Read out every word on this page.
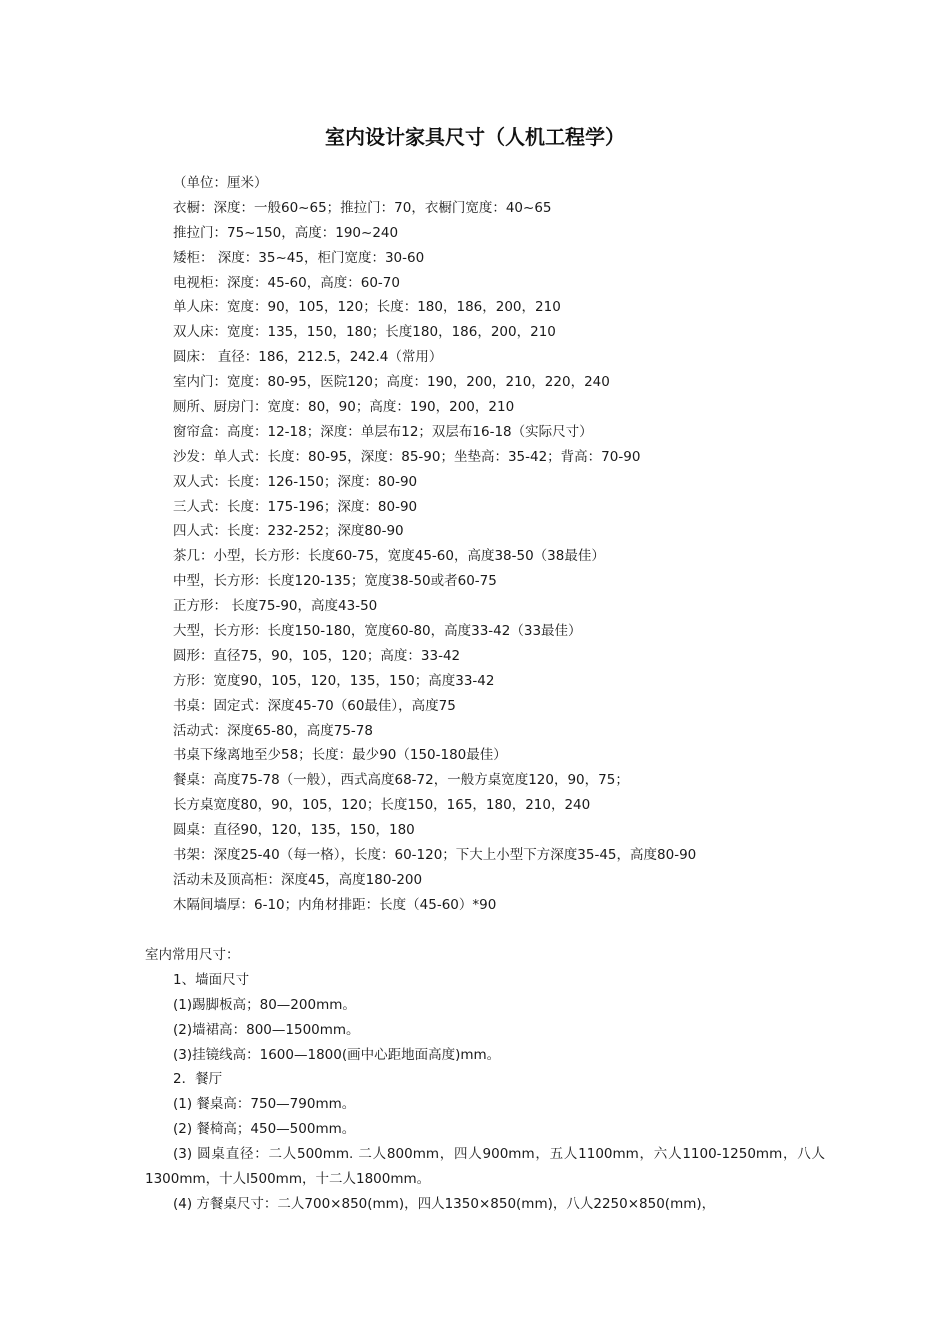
室内设计家具尺寸（人机工程学）
（单位：厘米）
衣橱：深度：一般60~65；推拉门：70，衣橱门宽度：40~65
推拉门：75~150，高度：190~240
矮柜： 深度：35~45，柜门宽度：30-60
电视柜：深度：45-60，高度：60-70
单人床：宽度：90，105，120；长度：180，186，200，210
双人床：宽度：135，150，180；长度180，186，200，210
圆床： 直径：186，212.5，242.4（常用）
室内门：宽度：80-95，医院120；高度：190，200，210，220，240
厕所、厨房门：宽度：80，90；高度：190，200，210
窗帘盒：高度：12-18；深度：单层布12；双层布16-18（实际尺寸）
沙发：单人式：长度：80-95，深度：85-90；坐垫高：35-42；背高：70-90
双人式：长度：126-150；深度：80-90
三人式：长度：175-196；深度：80-90
四人式：长度：232-252；深度80-90
茶几：小型，长方形：长度60-75，宽度45-60，高度38-50（38最佳）
中型，长方形：长度120-135；宽度38-50或者60-75
正方形： 长度75-90，高度43-50
大型，长方形：长度150-180，宽度60-80，高度33-42（33最佳）
圆形：直径75，90，105，120；高度：33-42
方形：宽度90，105，120，135，150；高度33-42
书桌：固定式：深度45-70（60最佳），高度75
活动式：深度65-80，高度75-78
书桌下缘离地至少58；长度：最少90（150-180最佳）
餐桌：高度75-78（一般），西式高度68-72，一般方桌宽度120，90，75；
长方桌宽度80，90，105，120；长度150，165，180，210，240
圆桌：直径90，120，135，150，180
书架：深度25-40（每一格），长度：60-120；下大上小型下方深度35-45，高度80-90
活动未及顶高柜：深度45，高度180-200
木隔间墙厚：6-10；内角材排距：长度（45-60）*90
室内常用尺寸：
1、墙面尺寸
(1)踢脚板高；80—200mm。
(2)墙裙高：800—1500mm。
(3)挂镜线高：1600—1800(画中心距地面高度)mm。
2．餐厅
(1) 餐桌高：750—790mm。
(2) 餐椅高；450—500mm。
(3) 圆桌直径：二人500mm. 二人800mm，四人900mm，五人1100mm，六人1100-1250mm，八人1300mm，十人l500mm，十二人1800mm。
(4) 方餐桌尺寸：二人700×850(mm)，四人1350×850(mm)，八人2250×850(mm)，
